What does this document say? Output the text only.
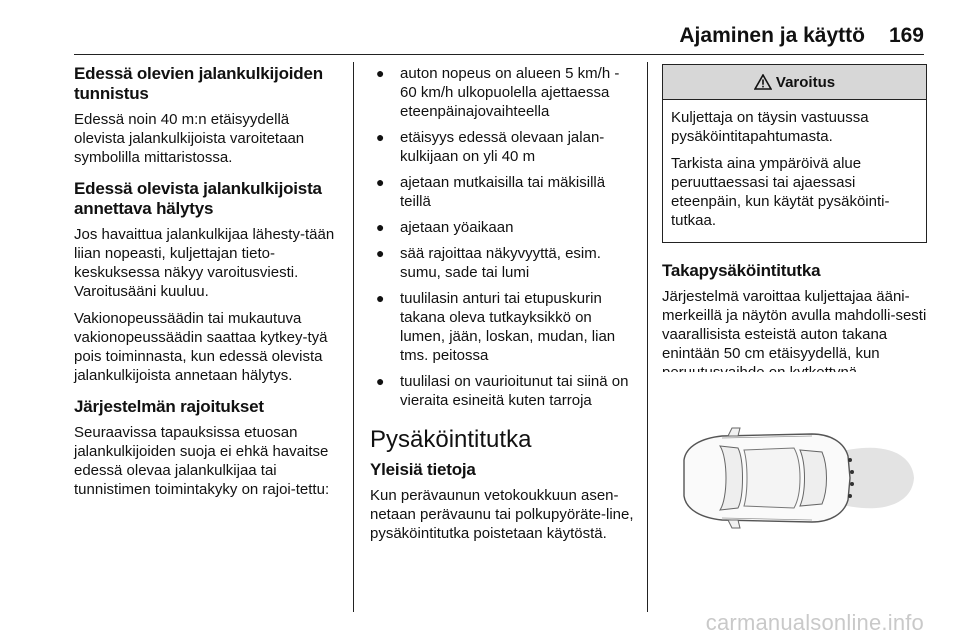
Ajaminen ja käyttö 169
Edessä olevien jalankulkijoiden tunnistus

Edessä noin 40 m:n etäisyydellä olevista jalankulkijoista varoitetaan symbolilla mittaristossa.

Edessä olevista jalankulkijoista annettava hälytys

Jos havaittua jalankulkijaa lähesty-tään liian nopeasti, kuljettajan tieto-keskuksessa näkyy varoitusviesti. Varoitusääni kuuluu.

Vakionopeussäädin tai mukautuva vakionopeussäädin saattaa kytkey-tyä pois toiminnasta, kun edessä olevista jalankulkijoista annetaan hälytys.

Järjestelmän rajoitukset

Seuraavissa tapauksissa etuosan jalankulkijoiden suoja ei ehkä havaitse edessä olevaa jalankulkijaa tai tunnistimen toimintakyky on rajoi-tettu:

● auton nopeus on alueen 5 km/h - 60 km/h ulkopuolella ajettaessa eteenpäinajovaihteella
● etäisyys edessä olevaan jalan-kulkijaan on yli 40 m
● ajetaan mutkaisilla tai mäkisillä teillä
● ajetaan yöaikaan
● sää rajoittaa näkyvyyttä, esim. sumu, sade tai lumi
● tuulilasin anturi tai etupuskurin takana oleva tutkayksikkö on lumen, jään, loskan, mudan, lian tms. peitossa
● tuulilasi on vaurioitunut tai siinä on vieraita esineitä kuten tarroja
Pysäköintitutka
Yleisiä tietoja

Kun perävaunun vetokoukkuun asen-netaan perävaunu tai polkupyöräte-line, pysäköintitutka poistetaan käytöstä.

Varoitus

Kuljettaja on täysin vastuussa pysäköintitapahtumasta.

Tarkista aina ympäröivä alue peruuttaessasi tai ajaessasi eteenpäin, kun käytät pysäköinti-tutkaa.

Takapysäköintitutka

Järjestelmä varoittaa kuljettajaa ääni-merkeillä ja näytön avulla mahdolli-sesti vaarallisista esteistä auton takana enintään 50 cm etäisyydellä, kun

carmanualsonline.info
